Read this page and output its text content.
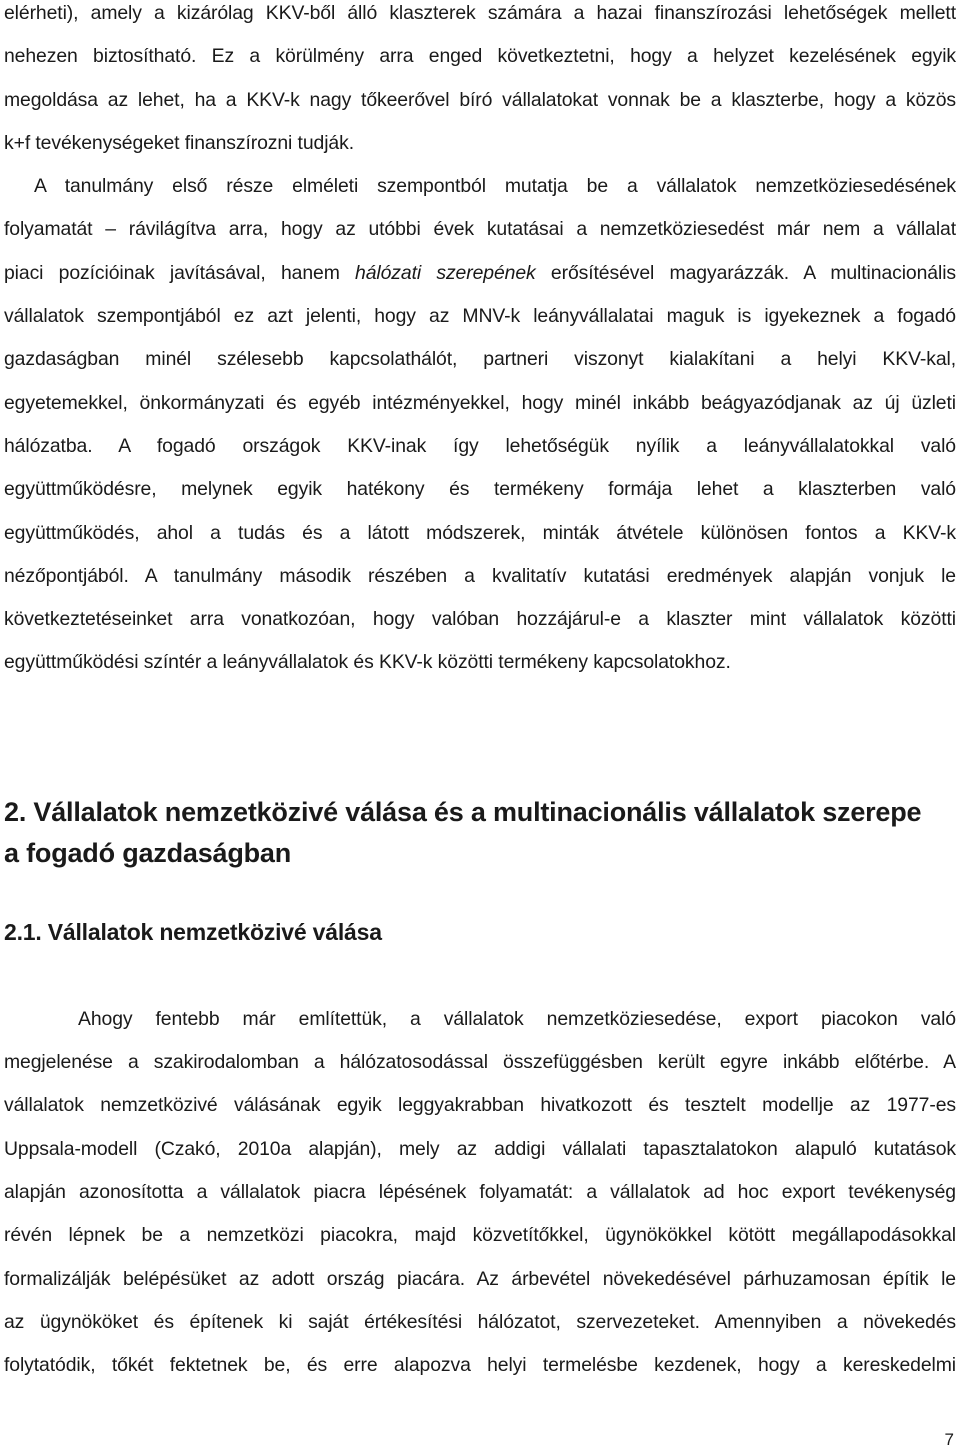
elérheti), amely a kizárólag KKV-ből álló klaszterek számára a hazai finanszírozási lehetőségek mellett
nehezen biztosítható. Ez a körülmény arra enged következtetni, hogy a helyzet kezelésének egyik
megoldása az lehet, ha a KKV-k nagy tőkeerővel bíró vállalatokat vonnak be a klaszterbe, hogy a közös
k+f tevékenységeket finanszírozni tudják.
A tanulmány első része elméleti szempontból mutatja be a vállalatok nemzetköziesedésének
folyamatát – rávilágítva arra, hogy az utóbbi évek kutatásai a nemzetköziesedést már nem a vállalat
piaci pozícióinak javításával, hanem hálózati szerepének erősítésével magyarázzák. A multinacionális
vállalatok szempontjából ez azt jelenti, hogy az MNV-k leányvállalatai maguk is igyekeznek a fogadó
gazdaságban minél szélesebb kapcsolathálót, partneri viszonyt kialakítani a helyi KKV-kal,
egyetemekkel, önkormányzati és egyéb intézményekkel, hogy minél inkább beágyazódjanak az új üzleti
hálózatba. A fogadó országok KKV-inak így lehetőségük nyílik a leányvállalatokkal való
együttműködésre, melynek egyik hatékony és termékeny formája lehet a klaszterben való
együttműködés, ahol a tudás és a látott módszerek, minták átvétele különösen fontos a KKV-k
nézőpontjából. A tanulmány második részében a kvalitatív kutatási eredmények alapján vonjuk le
következtetéseinket arra vonatkozóan, hogy valóban hozzájárul-e a klaszter mint vállalatok közötti
együttműködési színtér a leányvállalatok és KKV-k közötti termékeny kapcsolatokhoz.
2. Vállalatok nemzetközivé válása és a multinacionális vállalatok szerepe
a fogadó gazdaságban
2.1. Vállalatok nemzetközivé válása
Ahogy fentebb már említettük, a vállalatok nemzetköziesedése, export piacokon való
megjelenése a szakirodalomban a hálózatosodással összefüggésben került egyre inkább előtérbe. A
vállalatok nemzetközivé válásának egyik leggyakrabban hivatkozott és tesztelt modellje az 1977-es
Uppsala-modell (Czakó, 2010a alapján), mely az addigi vállalati tapasztalatokon alapuló kutatások
alapján azonosította a vállalatok piacra lépésének folyamatát: a vállalatok ad hoc export tevékenység
révén lépnek be a nemzetközi piacokra, majd közvetítőkkel, ügynökökkel kötött megállapodásokkal
formalizálják belépésüket az adott ország piacára. Az árbevétel növekedésével párhuzamosan építik le
az ügynököket és építenek ki saját értékesítési hálózatot, szervezeteket. Amennyiben a növekedés
folytatódik, tőkét fektetnek be, és erre alapozva helyi termelésbe kezdenek, hogy a kereskedelmi
7
